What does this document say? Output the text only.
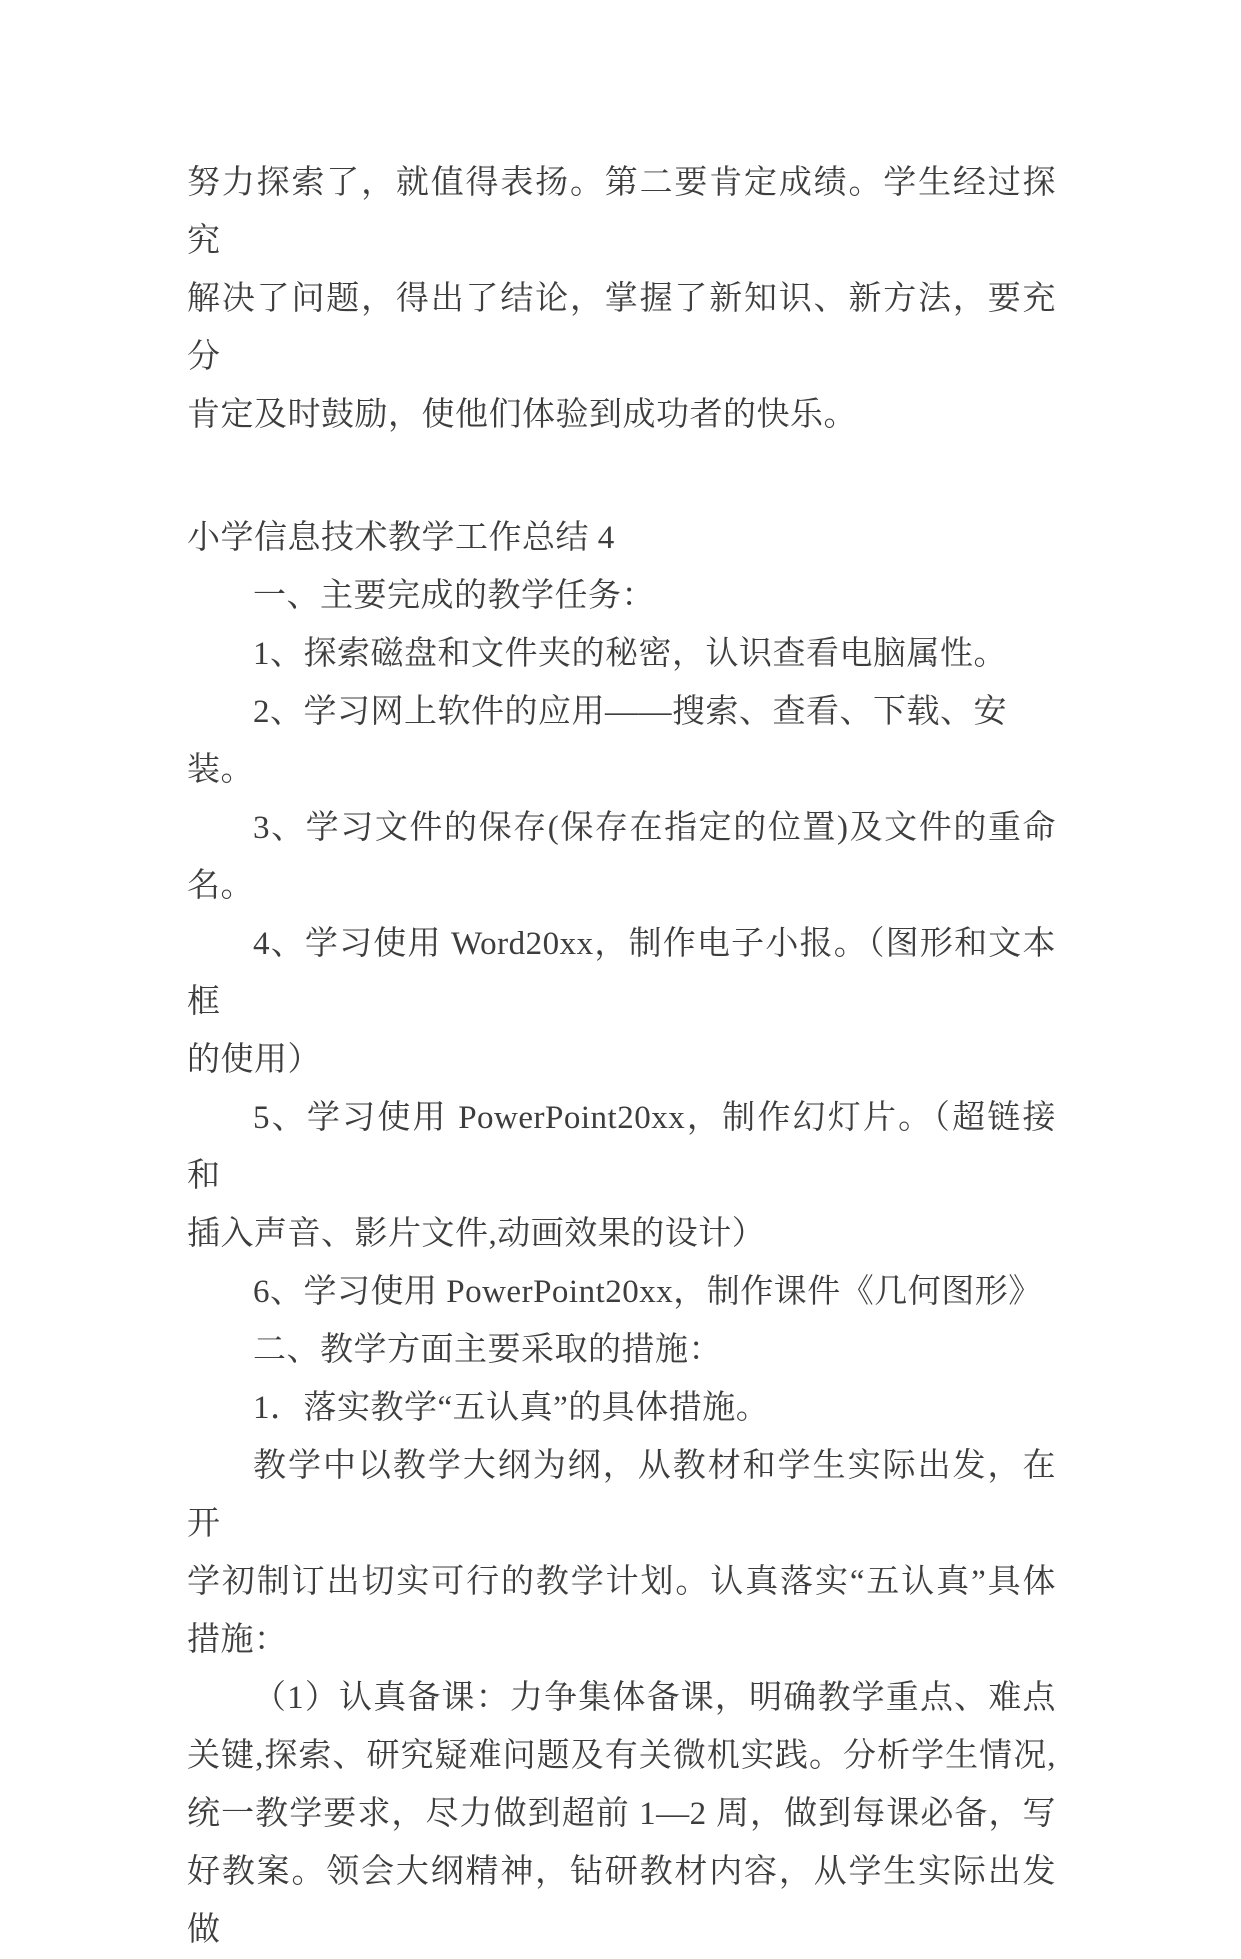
努力探索了，就值得表扬。第二要肯定成绩。学生经过探究
解决了问题，得出了结论，掌握了新知识、新方法，要充分
肯定及时鼓励，使他们体验到成功者的快乐。
小学信息技术教学工作总结 4
一、主要完成的教学任务：
1、探索磁盘和文件夹的秘密，认识查看电脑属性。
2、学习网上软件的应用——搜索、查看、下载、安装。
3、学习文件的保存(保存在指定的位置)及文件的重命
名。
4、学习使用 Word20xx，制作电子小报。（图形和文本框
的使用）
5、学习使用 PowerPoint20xx，制作幻灯片。（超链接和
插入声音、影片文件,动画效果的设计）
6、学习使用 PowerPoint20xx，制作课件《几何图形》
二、教学方面主要采取的措施：
1．落实教学“五认真”的具体措施。
教学中以教学大纲为纲，从教材和学生实际出发，在开
学初制订出切实可行的教学计划。认真落实“五认真”具体
措施：
（1）认真备课：力争集体备课，明确教学重点、难点
关键,探索、研究疑难问题及有关微机实践。分析学生情况,
统一教学要求，尽力做到超前 1—2 周，做到每课必备，写
好教案。领会大纲精神，钻研教材内容，从学生实际出发做
